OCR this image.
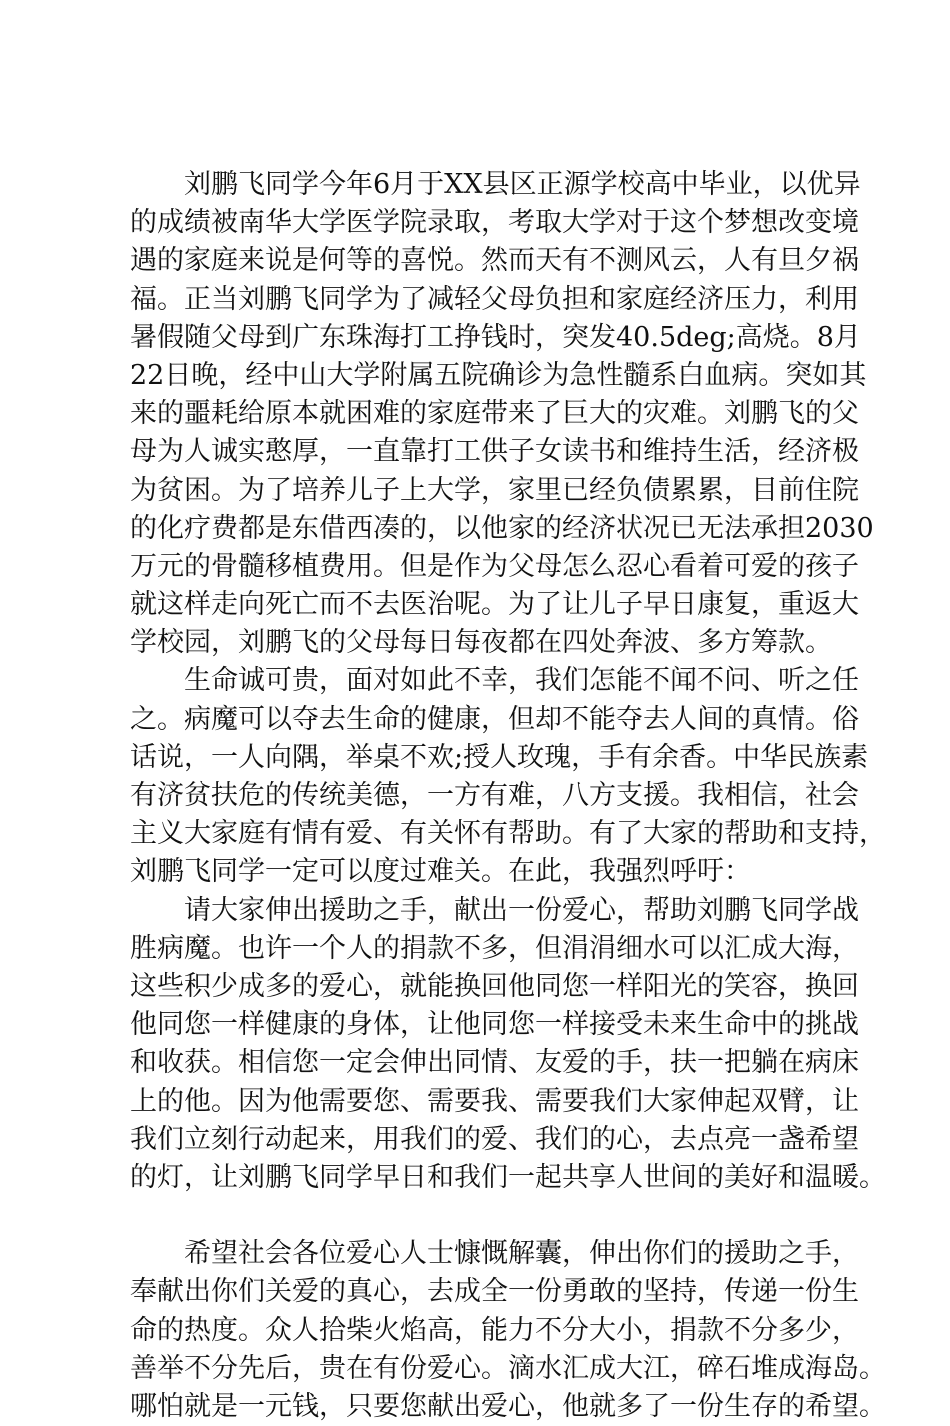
刘鹏飞同学今年6月于XX县区正源学校高中毕业，以优异
的成绩被南华大学医学院录取，考取大学对于这个梦想改变境
遇的家庭来说是何等的喜悦。然而天有不测风云，人有旦夕祸
福。正当刘鹏飞同学为了减轻父母负担和家庭经济压力，利用
暑假随父母到广东珠海打工挣钱时，突发40.5deg;高烧。8月
22日晚，经中山大学附属五院确诊为急性髓系白血病。突如其
来的噩耗给原本就困难的家庭带来了巨大的灾难。刘鹏飞的父
母为人诚实憨厚，一直靠打工供子女读书和维持生活，经济极
为贫困。为了培养儿子上大学，家里已经负债累累，目前住院
的化疗费都是东借西凑的，以他家的经济状况已无法承担2030
万元的骨髓移植费用。但是作为父母怎么忍心看着可爱的孩子
就这样走向死亡而不去医治呢。为了让儿子早日康复，重返大
学校园，刘鹏飞的父母每日每夜都在四处奔波、多方筹款。
生命诚可贵，面对如此不幸，我们怎能不闻不问、听之任
之。病魔可以夺去生命的健康，但却不能夺去人间的真情。俗
话说，一人向隅，举桌不欢;授人玫瑰，手有余香。中华民族素
有济贫扶危的传统美德，一方有难，八方支援。我相信，社会
主义大家庭有情有爱、有关怀有帮助。有了大家的帮助和支持，
刘鹏飞同学一定可以度过难关。在此，我强烈呼吁：
请大家伸出援助之手，献出一份爱心，帮助刘鹏飞同学战
胜病魔。也许一个人的捐款不多，但涓涓细水可以汇成大海，
这些积少成多的爱心，就能换回他同您一样阳光的笑容，换回
他同您一样健康的身体，让他同您一样接受未来生命中的挑战
和收获。相信您一定会伸出同情、友爱的手，扶一把躺在病床
上的他。因为他需要您、需要我、需要我们大家伸起双臂，让
我们立刻行动起来，用我们的爱、我们的心，去点亮一盏希望
的灯，让刘鹏飞同学早日和我们一起共享人世间的美好和温暖。
希望社会各位爱心人士慷慨解囊，伸出你们的援助之手，
奉献出你们关爱的真心，去成全一份勇敢的坚持，传递一份生
命的热度。众人拾柴火焰高，能力不分大小，捐款不分多少，
善举不分先后，贵在有份爱心。滴水汇成大江，碎石堆成海岛。
哪怕就是一元钱，只要您献出爱心，他就多了一份生存的希望。
